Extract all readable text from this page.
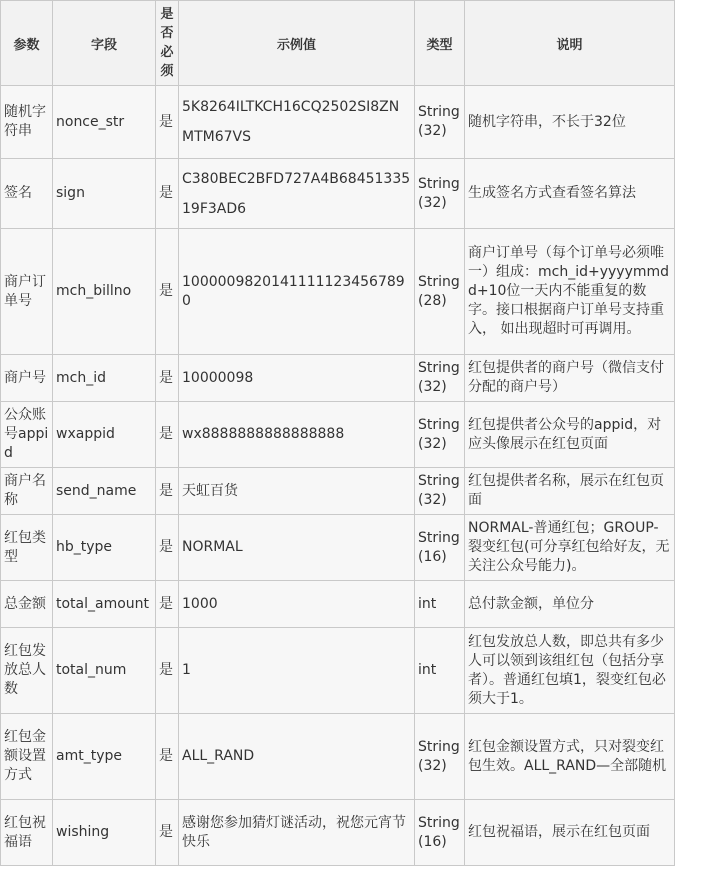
参数	字段	是否必须	示例值	类型	说明
随机字符串	nonce_str	是	5K8264ILTKCH16CQ2502SI8ZNMTM67VS	String (32)	随机字符串，不长于32位
签名	sign	是	C380BEC2BFD727A4B6845133519F3AD6	String (32)	生成签名方式查看签名算法
商户订单号	mch_billno	是	10000098201411111234567890	String (28)	商户订单号（每个订单号必须唯一）组成：mch_id+yyyymmdd+10位一天内不能重复的数字。接口根据商户订单号支持重入， 如出现超时可再调用。
商户号	mch_id	是	10000098	String (32)	红包提供者的商户号（微信支付分配的商户号）
公众账号appid	wxappid	是	wx8888888888888888	String (32)	红包提供者公众号的appid，对应头像展示在红包页面
商户名称	send_name	是	天虹百货	String (32)	红包提供者名称，展示在红包页面
红包类型	hb_type	是	NORMAL	String (16)	NORMAL-普通红包；GROUP-裂变红包(可分享红包给好友，无关注公众号能力)。
总金额	total_amount	是	1000	int	总付款金额，单位分
红包发放总人数	total_num	是	1	int	红包发放总人数，即总共有多少人可以领到该组红包（包括分享者）。普通红包填1，裂变红包必须大于1。
红包金额设置方式	amt_type	是	ALL_RAND	String (32)	红包金额设置方式，只对裂变红包生效。ALL_RAND—全部随机
红包祝福语	wishing	是	感谢您参加猜灯谜活动，祝您元宵节快乐	String (16)	红包祝福语，展示在红包页面
